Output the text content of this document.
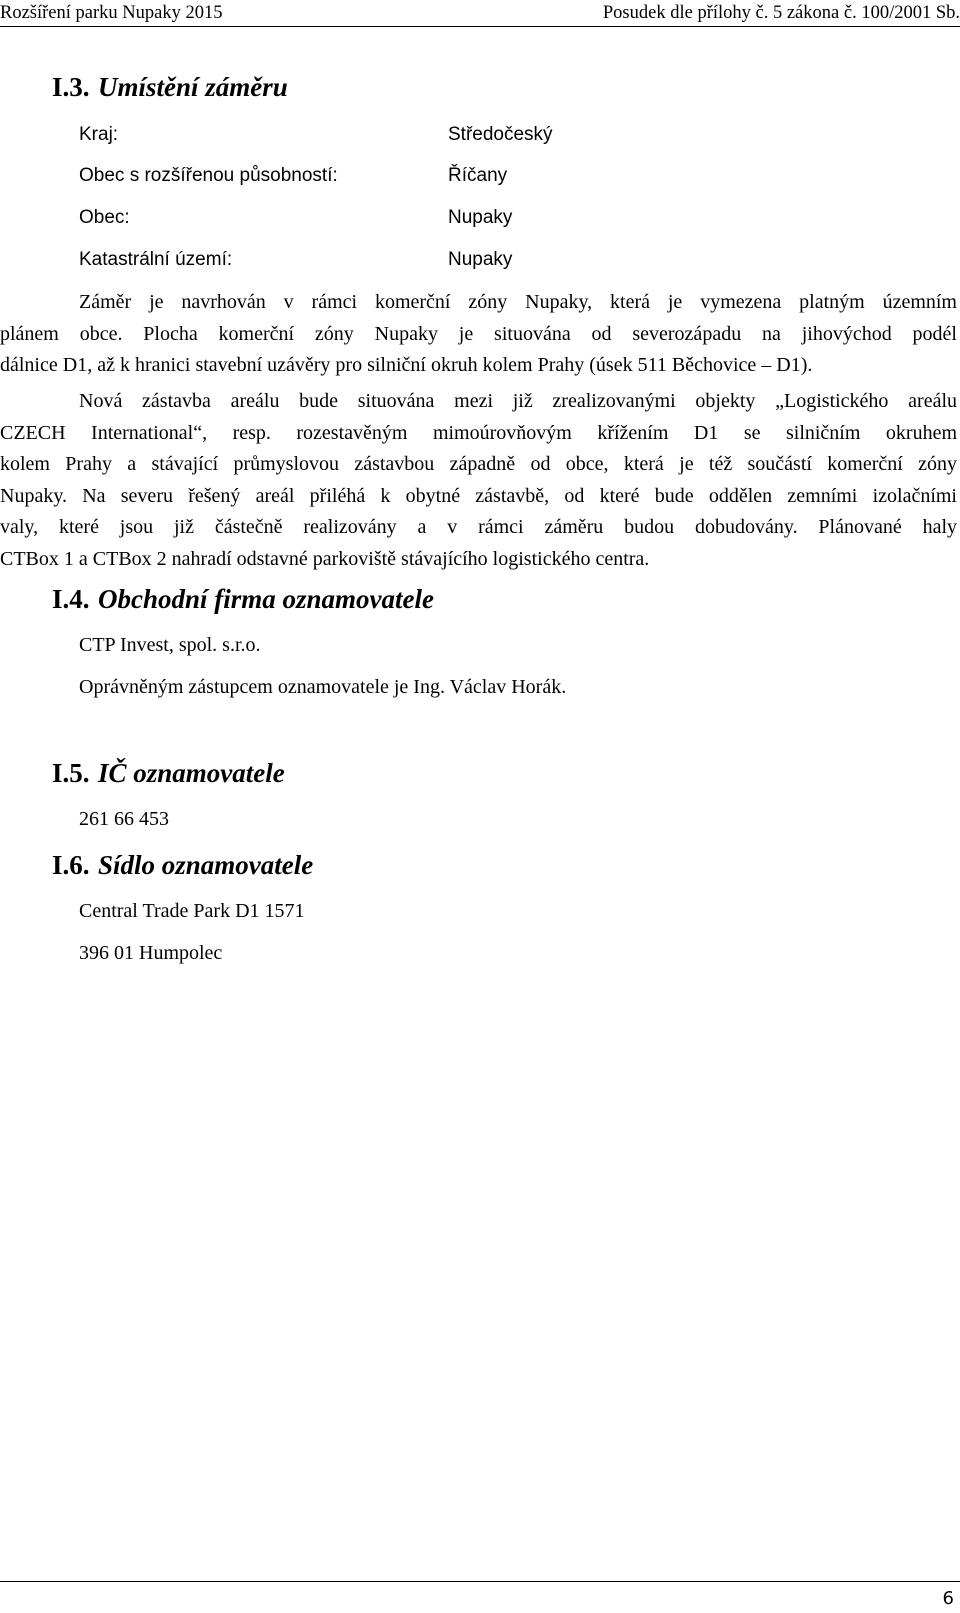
Rozšíření parku Nupaky 2015	Posudek dle přílohy č. 5 zákona č. 100/2001 Sb.
I.3. Umístění záměru
Kraj:	Středočeský
Obec s rozšířenou působností:	Říčany
Obec:	Nupaky
Katastrální území:	Nupaky
Záměr je navrhován v rámci komerční zóny Nupaky, která je vymezena platným územním
plánem obce. Plocha komerční zóny Nupaky je situována od severozápadu na jihovýchod podél
dálnice D1, až k hranici stavební uzávěry pro silniční okruh kolem Prahy (úsek 511 Běchovice – D1).
Nová zástavba areálu bude situována mezi již zrealizovanými objekty „Logistického areálu
CZECH International“, resp. rozestavěným mimoúrovňovým křížením D1 se silničním okruhem
kolem Prahy a stávající průmyslovou zástavbou západně od obce, která je též součástí komerční zóny
Nupaky. Na severu řešený areál přiléhá k obytné zástavbě, od které bude oddělen zemními izolačními
valy, které jsou již částečně realizovány a v rámci záměru budou dobudovány. Plánované haly
CTBox 1 a CTBox 2 nahradí odstavné parkoviště stávajícího logistického centra.
I.4. Obchodní firma oznamovatele
CTP Invest, spol. s.r.o.
Oprávněným zástupcem oznamovatele je Ing. Václav Horák.
I.5. IČ oznamovatele
261 66 453
I.6. Sídlo oznamovatele
Central Trade Park D1 1571
396 01 Humpolec
6
